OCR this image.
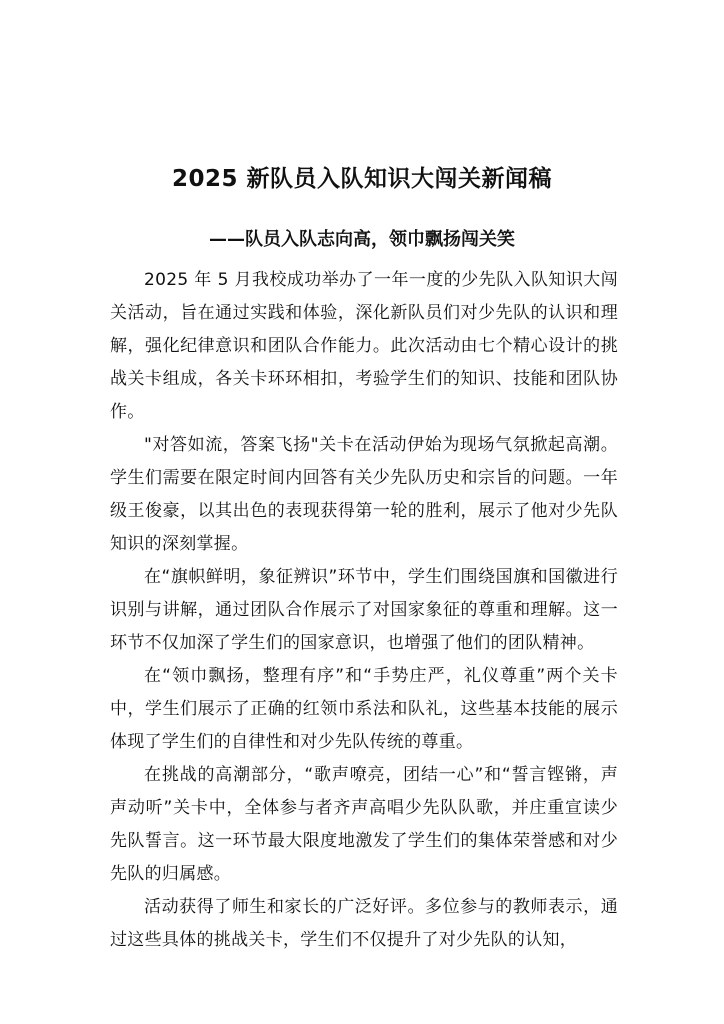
2025 新队员入队知识大闯关新闻稿
——队员入队志向高，领巾飘扬闯关笑

2025 年 5 月我校成功举办了一年一度的少先队入队知识大闯关活动，旨在通过实践和体验，深化新队员们对少先队的认识和理解，强化纪律意识和团队合作能力。此次活动由七个精心设计的挑战关卡组成，各关卡环环相扣，考验学生们的知识、技能和团队协作。

"对答如流，答案飞扬"关卡在活动伊始为现场气氛掀起高潮。学生们需要在限定时间内回答有关少先队历史和宗旨的问题。一年级王俊豪，以其出色的表现获得第一轮的胜利，展示了他对少先队知识的深刻掌握。

在“旗帜鲜明，象征辨识”环节中，学生们围绕国旗和国徽进行识别与讲解，通过团队合作展示了对国家象征的尊重和理解。这一环节不仅加深了学生们的国家意识，也增强了他们的团队精神。

在“领巾飘扬，整理有序”和“手势庄严，礼仪尊重”两个关卡中，学生们展示了正确的红领巾系法和队礼，这些基本技能的展示体现了学生们的自律性和对少先队传统的尊重。

在挑战的高潮部分，“歌声嘹亮，团结一心”和“誓言铿锵，声声动听”关卡中，全体参与者齐声高唱少先队队歌，并庄重宣读少先队誓言。这一环节最大限度地激发了学生们的集体荣誉感和对少先队的归属感。

活动获得了师生和家长的广泛好评。多位参与的教师表示，通过这些具体的挑战关卡，学生们不仅提升了对少先队的认知，
